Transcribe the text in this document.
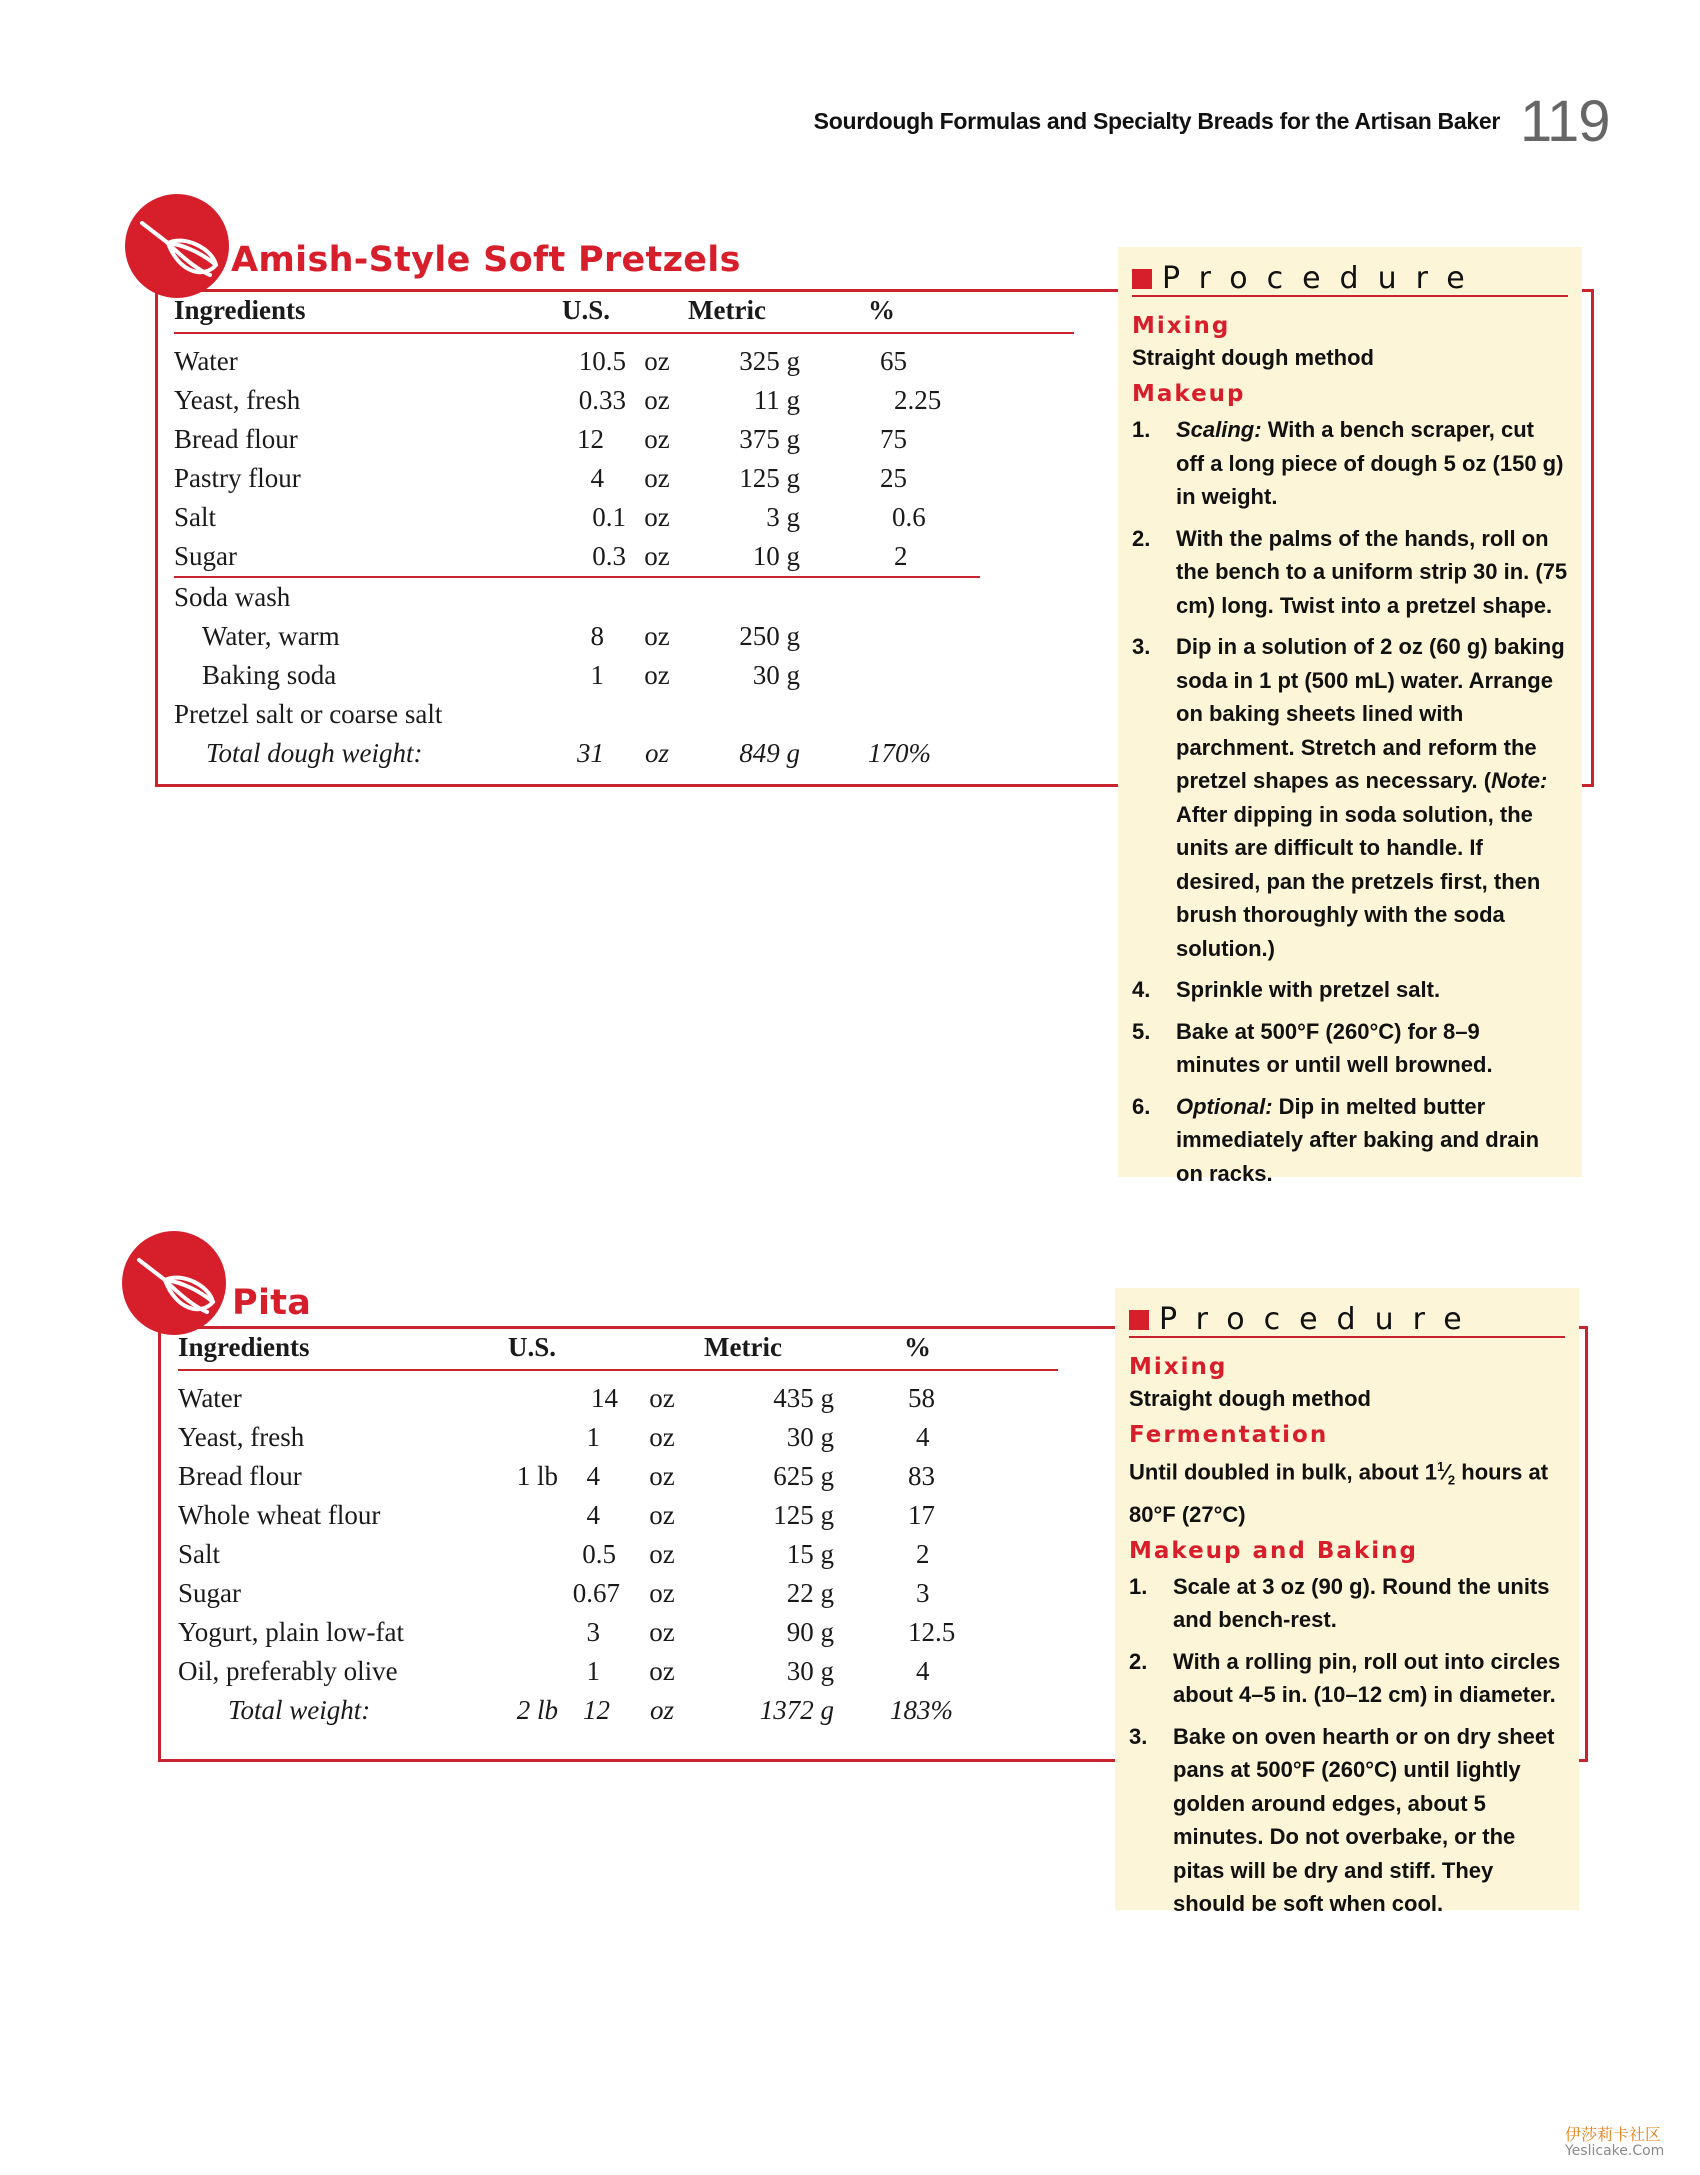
Sourdough Formulas and Specialty Breads for the Artisan Baker 119
Amish-Style Soft Pretzels
Ingredients	U.S.		Metric		%	
Water	10.5	oz	325 g		65	
Yeast, fresh	0.33	oz	11 g		2.25	
Bread flour	12	oz	375 g		75	
Pastry flour	4	oz	125 g		25	
Salt	0.1	oz	3 g		0.6	
Sugar	0.3	oz	10 g		2	
Soda wash						
Water, warm	8	oz	250 g			
Baking soda	1	oz	30 g			
Pretzel salt or coarse salt						
Total dough weight:	31	oz	849 g		170%	
Procedure
Mixing
Straight dough method
Makeup
1. Scaling: With a bench scraper, cut off a long piece of dough 5 oz (150 g) in weight.
2. With the palms of the hands, roll on the bench to a uniform strip 30 in. (75 cm) long. Twist into a pretzel shape.
3. Dip in a solution of 2 oz (60 g) baking soda in 1 pt (500 mL) water. Arrange on baking sheets lined with parchment. Stretch and reform the pretzel shapes as necessary. (Note: After dipping in soda solution, the units are difficult to handle. If desired, pan the pretzels first, then brush thoroughly with the soda solution.)
4. Sprinkle with pretzel salt.
5. Bake at 500°F (260°C) for 8–9 minutes or until well browned.
6. Optional: Dip in melted butter immediately after baking and drain on racks.
Pita
Ingredients	U.S.			Metric		%	
Water		14	oz	435 g		58	
Yeast, fresh		1	oz	30 g		4	
Bread flour	1 lb	4	oz	625 g		83	
Whole wheat flour		4	oz	125 g		17	
Salt		0.5	oz	15 g		2	
Sugar		0.67	oz	22 g		3	
Yogurt, plain low-fat		3	oz	90 g		12.5	
Oil, preferably olive		1	oz	30 g		4	
Total weight:	2 lb	12	oz	1372 g		183%	
Procedure
Mixing
Straight dough method
Fermentation
Until doubled in bulk, about $1^1⁄_2$ hours at 80°F (27°C)
Makeup and Baking
1. Scale at 3 oz (90 g). Round the units and bench-rest.
2. With a rolling pin, roll out into circles about 4–5 in. (10–12 cm) in diameter.
3. Bake on oven hearth or on dry sheet pans at 500°F (260°C) until lightly golden around edges, about 5 minutes. Do not overbake, or the pitas will be dry and stiff. They should be soft when cool.
伊莎莉卡社区
Yeslicake.Com
